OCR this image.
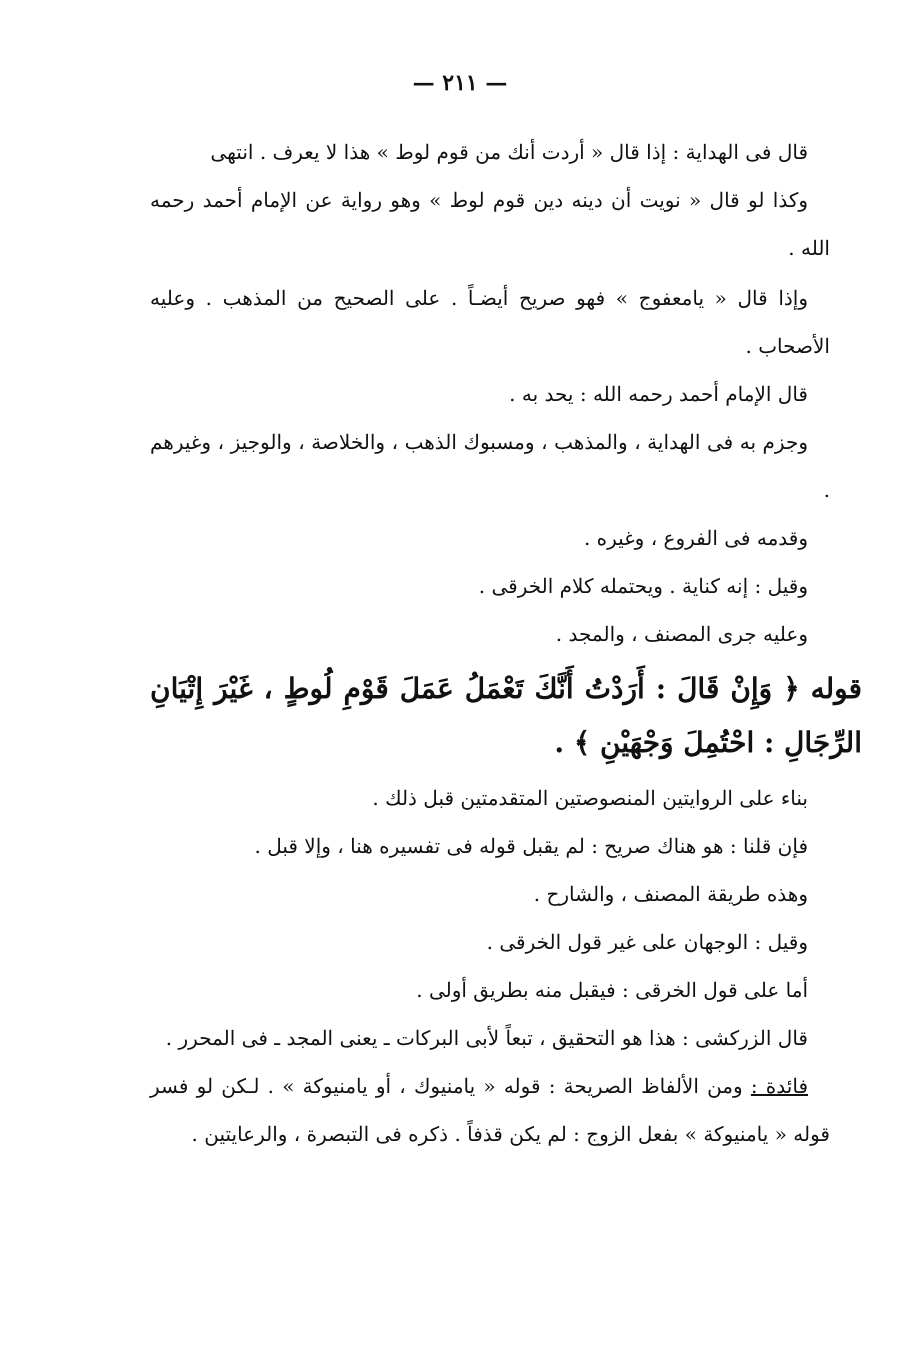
— ٢١١ —

قال فى الهداية : إذا قال « أردت أنك من قوم لوط » هذا لا يعرف . انتهى

وكذا لو قال « نويت أن دينه دين قوم لوط » وهو رواية عن الإمام أحمد رحمه الله .

وإذا قال « يامعفوج » فهو صريح أيضـاً . على الصحيح من المذهب . وعليه الأصحاب .

قال الإمام أحمد رحمه الله : يحد به .

وجزم به فى الهداية ، والمذهب ، ومسبوك الذهب ، والخلاصة ، والوجيز ، وغيرهم .

وقدمه فى الفروع ، وغيره .

وقيل : إنه كناية . ويحتمله كلام الخرقى .

وعليه جرى المصنف ، والمجد .

قوله ﴿ وَإِنْ قَالَ : أَرَدْتُ أَنَّكَ تَعْمَلُ عَمَلَ قَوْمِ لُوطٍ ، غَيْرَ إِتْيَانِ الرِّجَالِ : احْتُمِلَ وَجْهَيْنِ ﴾ .

بناء على الروايتين المنصوصتين المتقدمتين قبل ذلك .

فإن قلنا : هو هناك صريح : لم يقبل قوله فى تفسيره هنا ، وإلا قبل .

وهذه طريقة المصنف ، والشارح .

وقيل : الوجهان على غير قول الخرقى .

أما على قول الخرقى : فيقبل منه بطريق أولى .

قال الزركشى : هذا هو التحقيق ، تبعاً لأبى البركات ـ يعنى المجد ـ فى المحرر .

فائدة : ومن الألفاظ الصريحة : قوله « يامنيوك ، أو يامنيوكة » . لـكن لو فسر قوله « يامنيوكة » بفعل الزوج : لم يكن قذفاً . ذكره فى التبصرة ، والرعايتين .
